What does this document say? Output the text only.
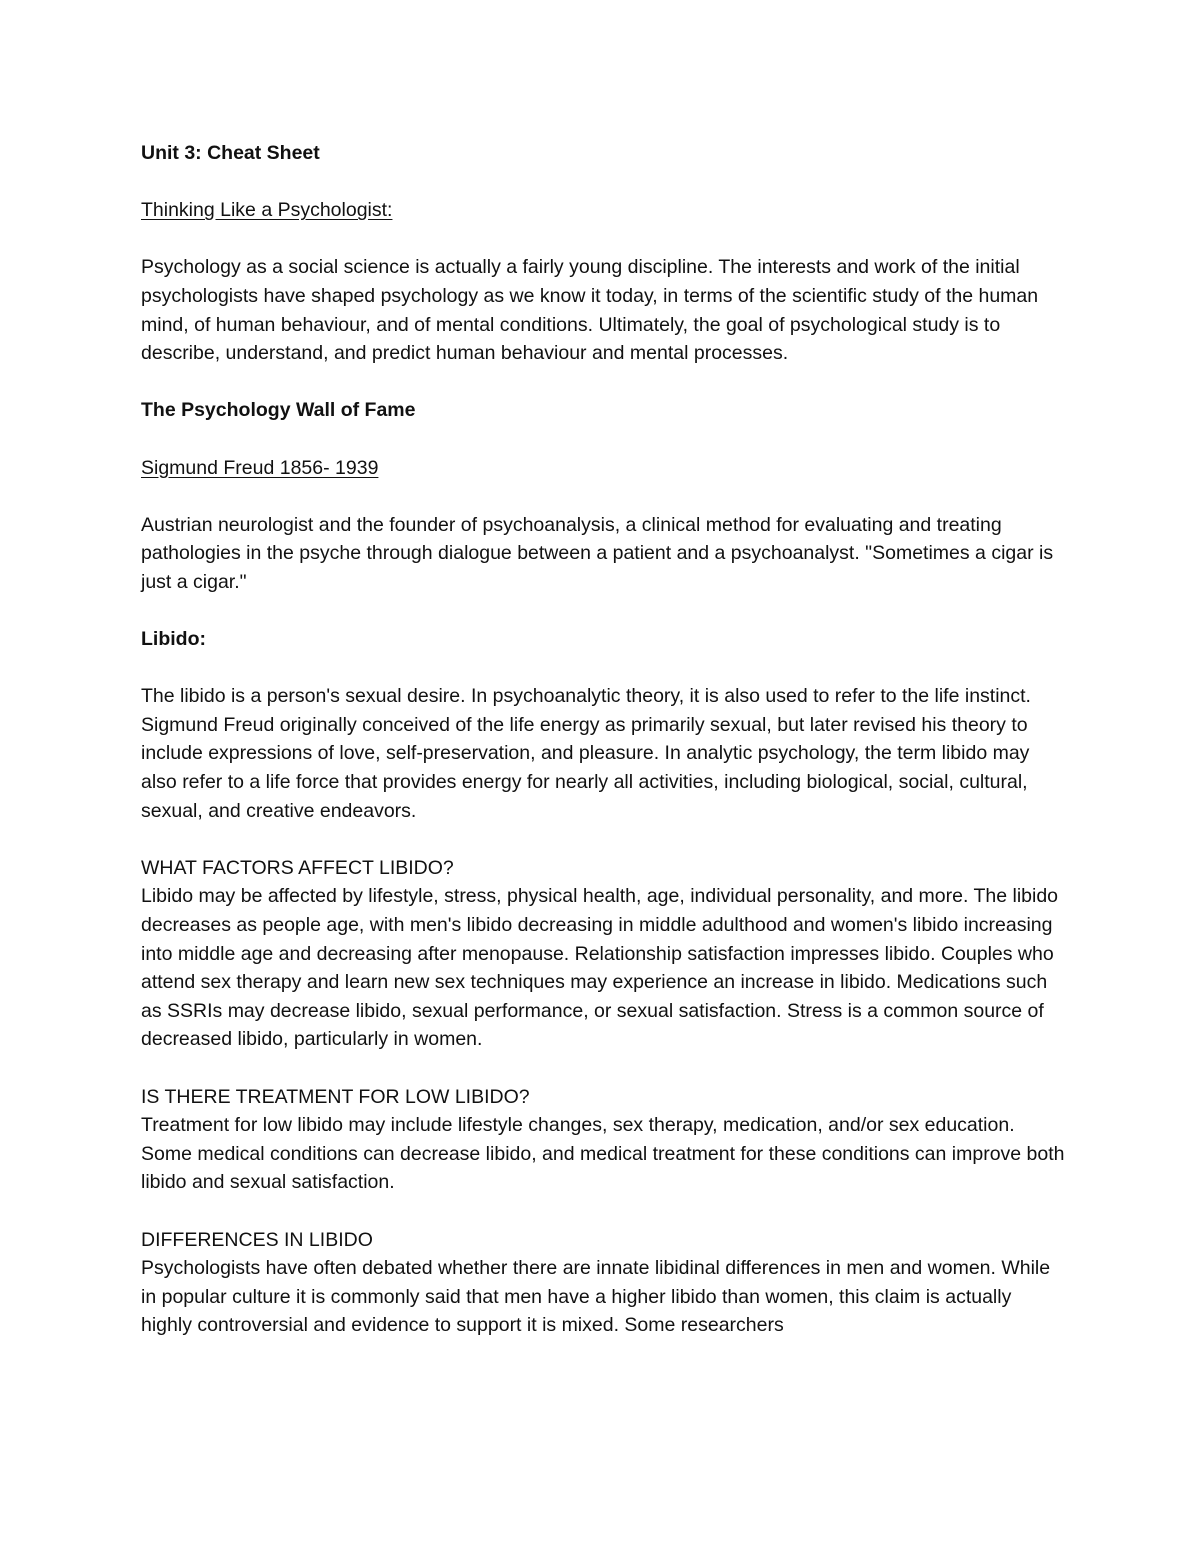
Unit 3: Cheat Sheet
Thinking Like a Psychologist:

Psychology as a social science is actually a fairly young discipline. The interests and work of the initial psychologists have shaped psychology as we know it today, in terms of the scientific study of the human mind, of human behaviour, and of mental conditions. Ultimately, the goal of psychological study is to describe, understand, and predict human behaviour and mental processes.

The Psychology Wall of Fame
Sigmund Freud 1856- 1939

Austrian neurologist and the founder of psychoanalysis, a clinical method for evaluating and treating pathologies in the psyche through dialogue between a patient and a psychoanalyst. "Sometimes a cigar is just a cigar."

Libido:

The libido is a person's sexual desire. In psychoanalytic theory, it is also used to refer to the life instinct. Sigmund Freud originally conceived of the life energy as primarily sexual, but later revised his theory to include expressions of love, self-preservation, and pleasure. In analytic psychology, the term libido may also refer to a life force that provides energy for nearly all activities, including biological, social, cultural, sexual, and creative endeavors.

WHAT FACTORS AFFECT LIBIDO?

Libido may be affected by lifestyle, stress, physical health, age, individual personality, and more. The libido decreases as people age, with men's libido decreasing in middle adulthood and women's libido increasing into middle age and decreasing after menopause. Relationship satisfaction impresses libido. Couples who attend sex therapy and learn new sex techniques may experience an increase in libido. Medications such as SSRIs may decrease libido, sexual performance, or sexual satisfaction. Stress is a common source of decreased libido, particularly in women.

IS THERE TREATMENT FOR LOW LIBIDO?

Treatment for low libido may include lifestyle changes, sex therapy, medication, and/or sex education. Some medical conditions can decrease libido, and medical treatment for these conditions can improve both libido and sexual satisfaction.

DIFFERENCES IN LIBIDO

Psychologists have often debated whether there are innate libidinal differences in men and women. While in popular culture it is commonly said that men have a higher libido than women, this claim is actually highly controversial and evidence to support it is mixed. Some researchers
